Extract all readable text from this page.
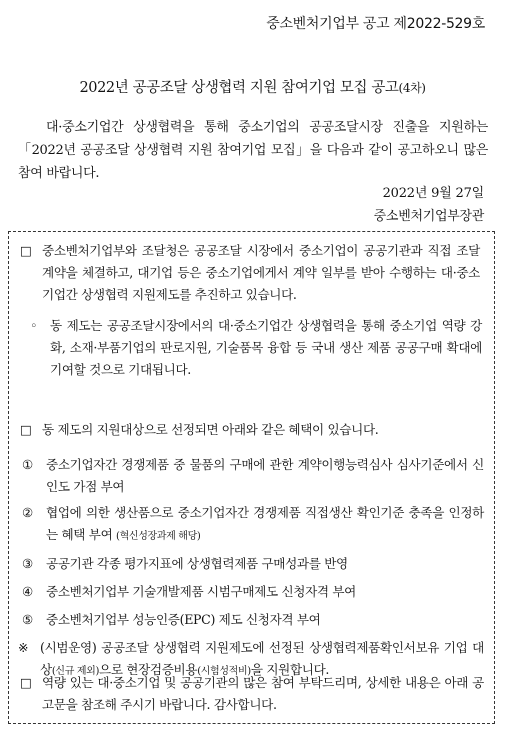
중소벤처기업부 공고 제2022-529호
2022년 공공조달 상생협력 지원 참여기업 모집 공고(4차)
대·중소기업간 상생협력을 통해 중소기업의 공공조달시장 진출을 지원하는 「2022년 공공조달 상생협력 지원 참여기업 모집」을 다음과 같이 공고하오니 많은 참여 바랍니다.
2022년 9월 27일
중소벤처기업부장관
□ 중소벤처기업부와 조달청은 공공조달 시장에서 중소기업이 공공기관과 직접 조달계약을 체결하고, 대기업 등은 중소기업에게서 계약 일부를 받아 수행하는 대·중소기업간 상생협력 지원제도를 추진하고 있습니다.
◦	동 제도는 공공조달시장에서의 대·중소기업간 상생협력을 통해 중소기업 역량 강화, 소재·부품기업의 판로지원, 기술품목 융합 등 국내 생산 제품 공공구매 확대에 기여할 것으로 기대됩니다.
□ 동 제도의 지원대상으로 선정되면 아래와 같은 혜택이 있습니다.
①	중소기업자간 경쟁제품 중 물품의 구매에 관한 계약이행능력심사 심사기준에서 신인도 가점 부여
②	협업에 의한 생산품으로 중소기업자간 경쟁제품 직접생산 확인기준 충족을 인정하는 혜택 부여 (혁신성장과제 해당)
③	공공기관 각종 평가지표에 상생협력제품 구매성과를 반영
④	중소벤처기업부 기술개발제품 시범구매제도 신청자격 부여
⑤	중소벤처기업부 성능인증(EPC) 제도 신청자격 부여
※ (시범운영) 공공조달 상생협력 지원제도에 선정된 상생협력제품확인서보유 기업 대상(신규 제외)으로 현장검증비용(시험성적비)을 지원합니다.
□ 역량 있는 대·중소기업 및 공공기관의 많은 참여 부탁드리며, 상세한 내용은 아래 공고문을 참조해 주시기 바랍니다. 감사합니다.
